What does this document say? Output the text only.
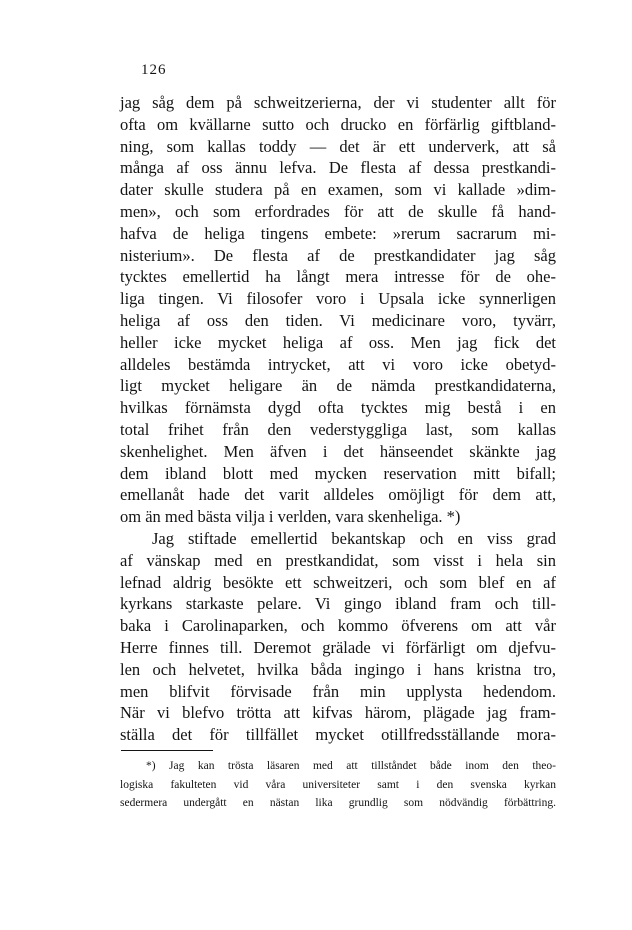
126
jag såg dem på schweitzerierna, der vi studenter allt för
ofta om kvällarne sutto och drucko en förfärlig giftbland-
ning, som kallas toddy — det är ett underverk, att så
många af oss ännu lefva. De flesta af dessa prestkandi-
dater skulle studera på en examen, som vi kallade »dim-
men», och som erfordrades för att de skulle få hand-
hafva de heliga tingens embete: »rerum sacrarum mi-
nisterium». De flesta af de prestkandidater jag såg
tycktes emellertid ha långt mera intresse för de ohe-
liga tingen. Vi filosofer voro i Upsala icke synnerligen
heliga af oss den tiden. Vi medicinare voro, tyvärr,
heller icke mycket heliga af oss. Men jag fick det
alldeles bestämda intrycket, att vi voro icke obetyd-
ligt mycket heligare än de nämda prestkandidaterna,
hvilkas förnämsta dygd ofta tycktes mig bestå i en
total frihet från den vederstyggliga last, som kallas
skenhelighet. Men äfven i det hänseendet skänkte jag
dem ibland blott med mycken reservation mitt bifall;
emellanåt hade det varit alldeles omöjligt för dem att,
om än med bästa vilja i verlden, vara skenheliga. *)
Jag stiftade emellertid bekantskap och en viss grad
af vänskap med en prestkandidat, som visst i hela sin
lefnad aldrig besökte ett schweitzeri, och som blef en af
kyrkans starkaste pelare. Vi gingo ibland fram och till-
baka i Carolinaparken, och kommo öfverens om att vår
Herre finnes till. Deremot grälade vi förfärligt om djefvu-
len och helvetet, hvilka båda ingingo i hans kristna tro,
men blifvit förvisade från min upplysta hedendom.
När vi blefvo trötta att kifvas härom, plägade jag fram-
ställa det för tillfället mycket otillfredsställande mora-
*) Jag kan trösta läsaren med att tillståndet både inom den theo-
logiska fakulteten vid våra universiteter samt i den svenska kyrkan
sedermera undergått en nästan lika grundlig som nödvändig förbättring.
